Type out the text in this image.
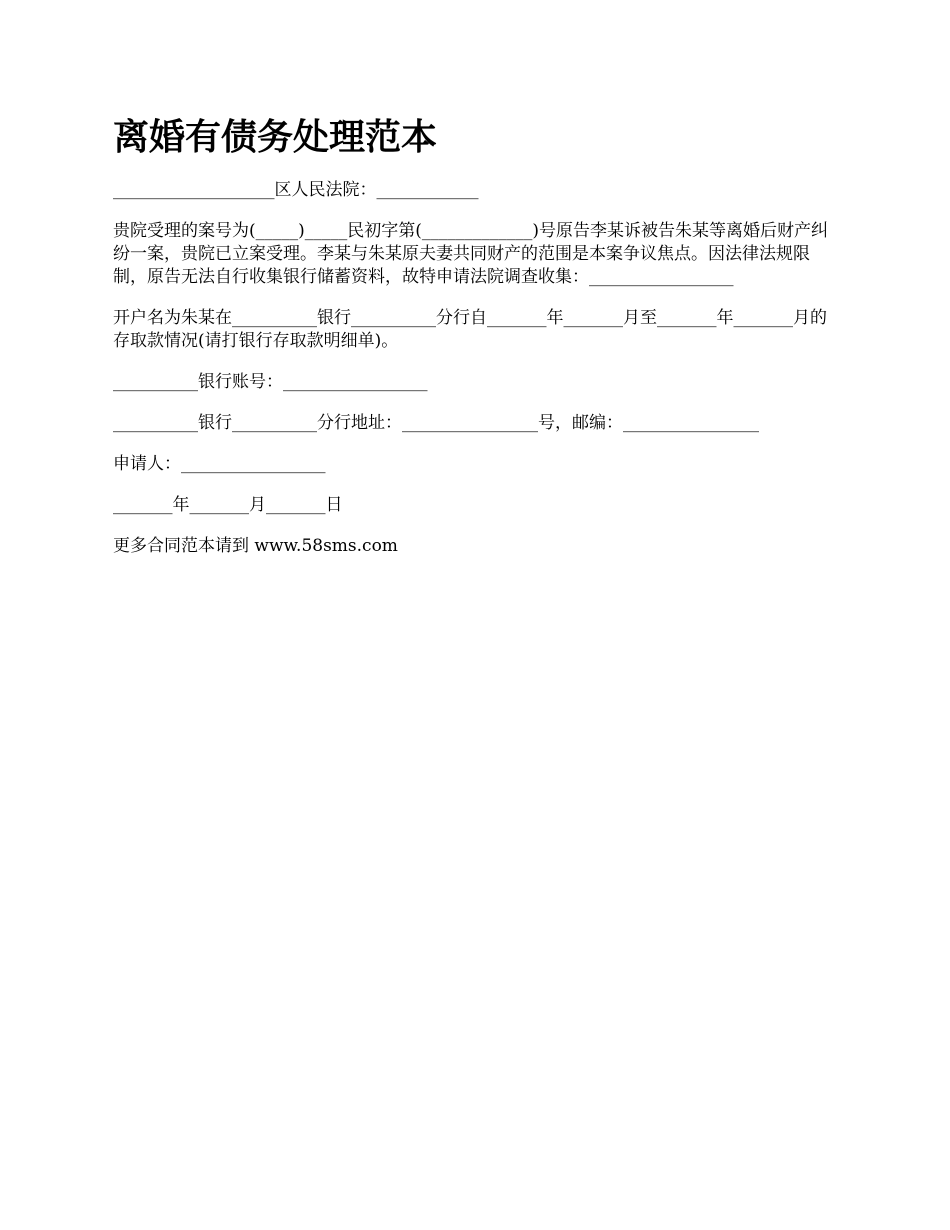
离婚有债务处理范本

___________________区人民法院：____________

贵院受理的案号为(_____)_____民初字第(_____________)号原告李某诉被告朱某等离婚后财产纠纷一案，贵院已立案受理。李某与朱某原夫妻共同财产的范围是本案争议焦点。因法律法规限制，原告无法自行收集银行储蓄资料，故特申请法院调查收集：_________________

开户名为朱某在__________银行__________分行自_______年_______月至_______年_______月的存取款情况(请打银行存取款明细单)。

__________银行账号：_________________

__________银行__________分行地址：________________号，邮编：________________

申请人：_________________

_______年_______月_______日

更多合同范本请到 www.58sms.com
